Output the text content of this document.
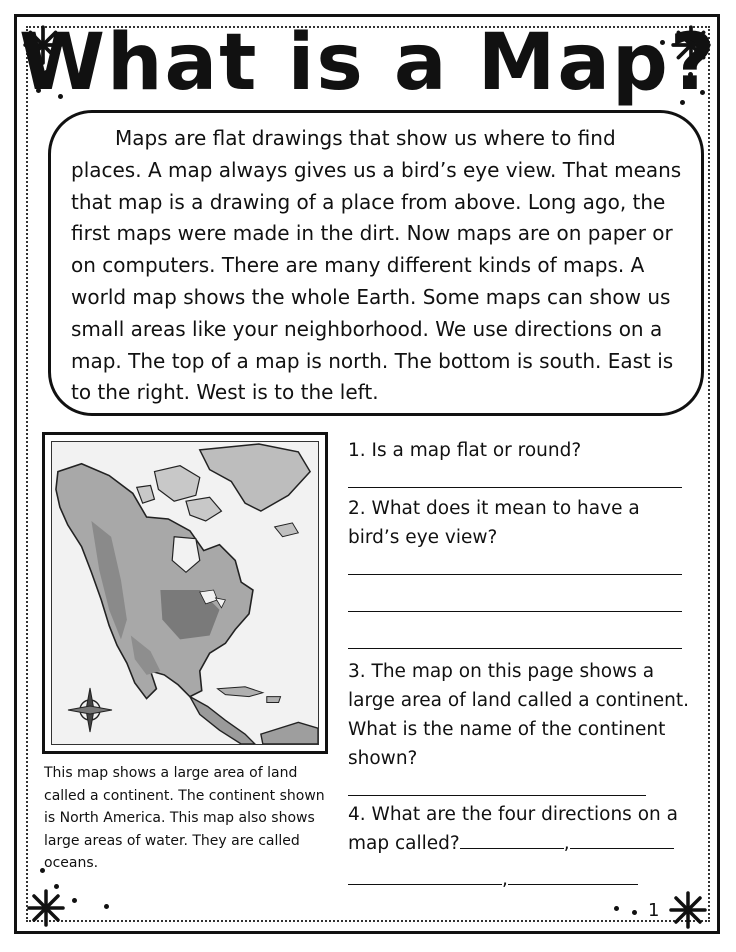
What is a Map?

Maps are flat drawings that show us where to find places. A map always gives us a bird’s eye view. That means that map is a drawing of a place from above. Long ago, the first maps were made in the dirt. Now maps are on paper or on computers. There are many different kinds of maps. A world map shows the whole Earth. Some maps can show us small areas like your neighborhood. We use directions on a map. The top of a map is north. The bottom is south. East is to the right. West is to the left.

This map shows a large area of land called a continent. The continent shown is North America. This map also shows large areas of water. They are called oceans.
1. Is a map flat or round?
2. What does it mean to have a bird’s eye view?
3. The map on this page shows a large area of land called a continent. What is the name of the continent shown?
4. What are the four directions on a map called?	,
,
1
